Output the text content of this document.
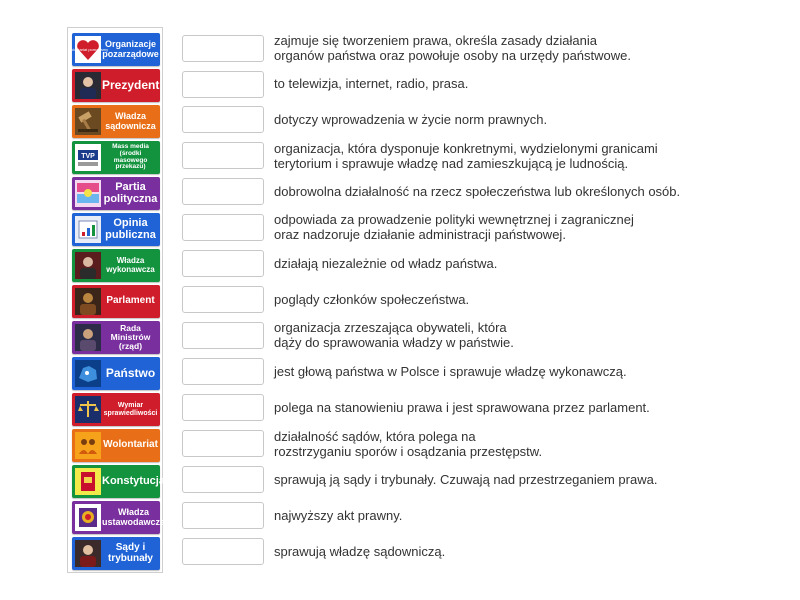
wolontariat pomagamy
Organizacje pozarządowe
Prezydent
Władza sądownicza
TVP
Mass media (środki masowego przekazu)
Partia polityczna
Opinia publiczna
Władza wykonawcza
Parlament
Rada Ministrów (rząd)
Państwo
Wymiar sprawiedliwości
Wolontariat
Konstytucja
Władza ustawodawcza
Sądy i trybunały
zajmuje się tworzeniem prawa, określa zasady działania
organów państwa oraz powołuje osoby na urzędy państwowe.
to telewizja, internet, radio, prasa.
dotyczy wprowadzenia w życie norm prawnych.
organizacja, która dysponuje konkretnymi, wydzielonymi granicami
terytorium i sprawuje władzę nad zamieszkującą je ludnością.
dobrowolna działalność na rzecz społeczeństwa lub określonych osób.
odpowiada za prowadzenie polityki wewnętrznej i zagranicznej
oraz nadzoruje działanie administracji państwowej.
działają niezależnie od władz państwa.
poglądy członków społeczeństwa.
organizacja zrzeszająca obywateli, która
dąży do sprawowania władzy w państwie.
jest głową państwa w Polsce i sprawuje władzę wykonawczą.
polega na stanowieniu prawa i jest sprawowana przez parlament.
działalność sądów, która polega na
rozstrzyganiu sporów i osądzania przestępstw.
sprawują ją sądy i trybunały. Czuwają nad przestrzeganiem prawa.
najwyższy akt prawny.
sprawują władzę sądowniczą.
